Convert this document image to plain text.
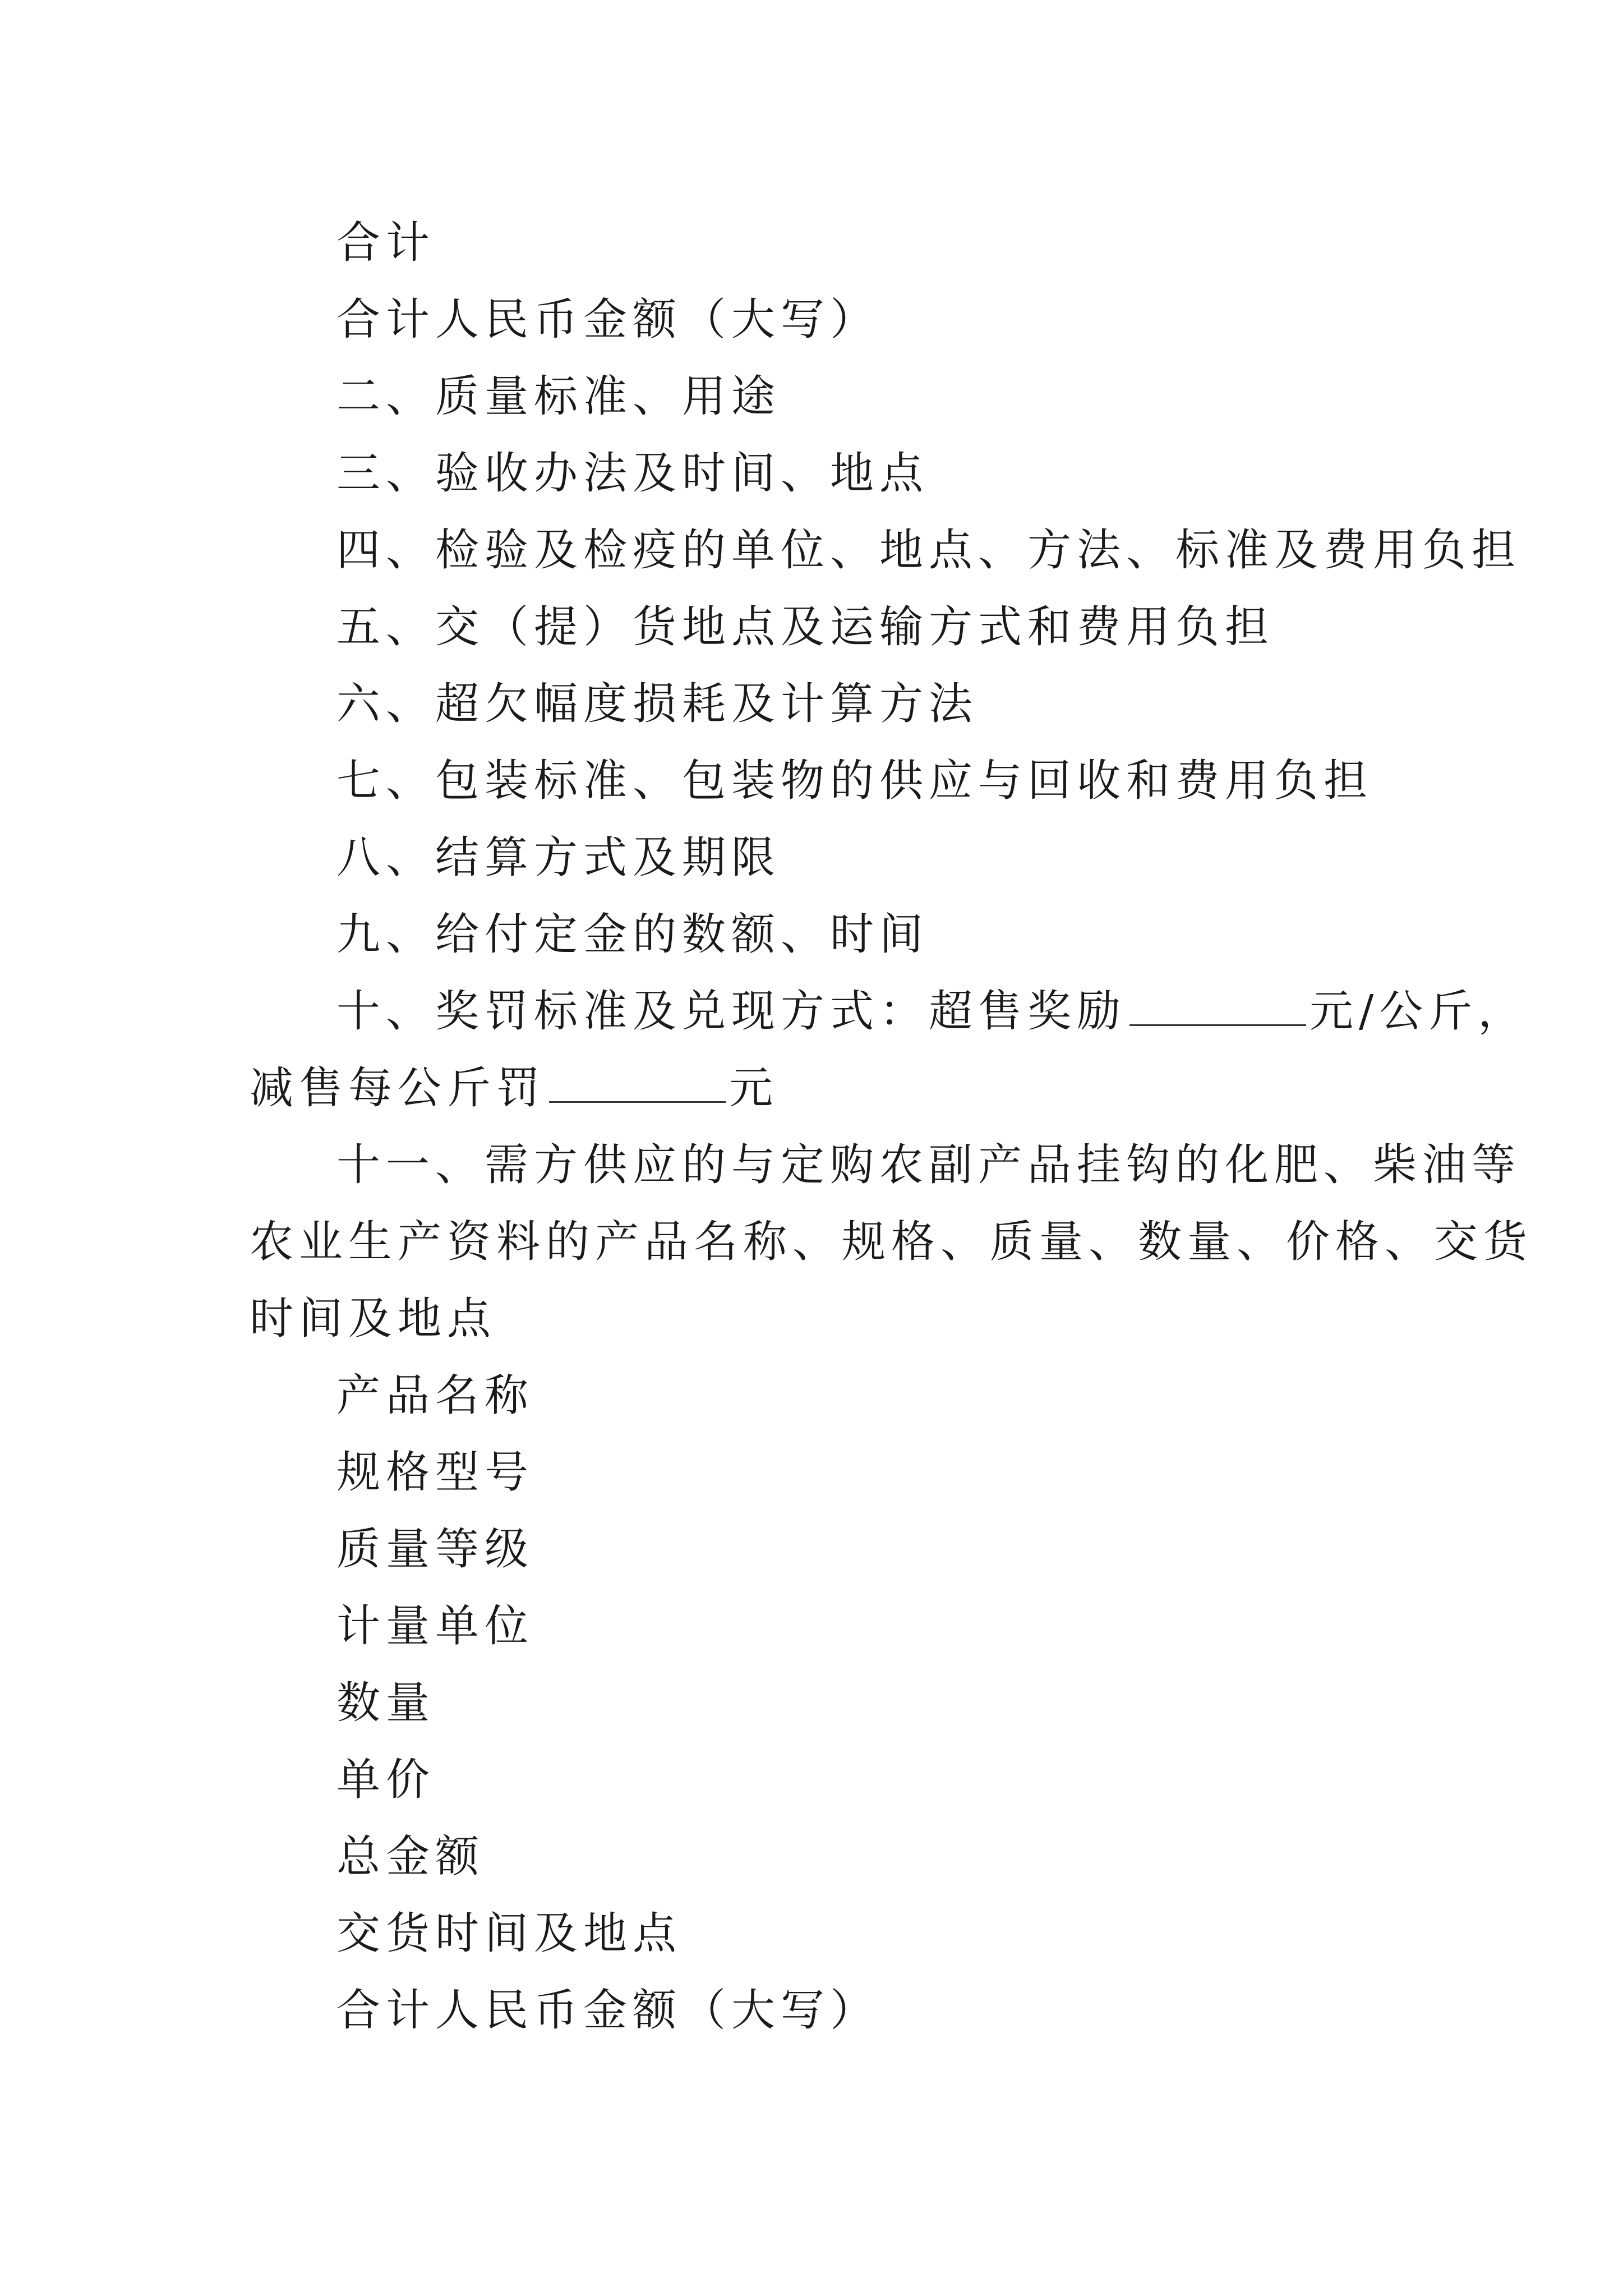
合计
合计人民币金额（大写）
二、质量标准、用途
三、验收办法及时间、地点
四、检验及检疫的单位、地点、方法、标准及费用负担
五、交（提）货地点及运输方式和费用负担
六、超欠幅度损耗及计算方法
七、包装标准、包装物的供应与回收和费用负担
八、结算方式及期限
九、给付定金的数额、时间
十、奖罚标准及兑现方式：超售奖励	元/公斤，
减售每公斤罚	元
十一、需方供应的与定购农副产品挂钩的化肥、柴油等
农业生产资料的产品名称、规格、质量、数量、价格、交货
时间及地点
产品名称
规格型号
质量等级
计量单位
数量
单价
总金额
交货时间及地点
合计人民币金额（大写）
